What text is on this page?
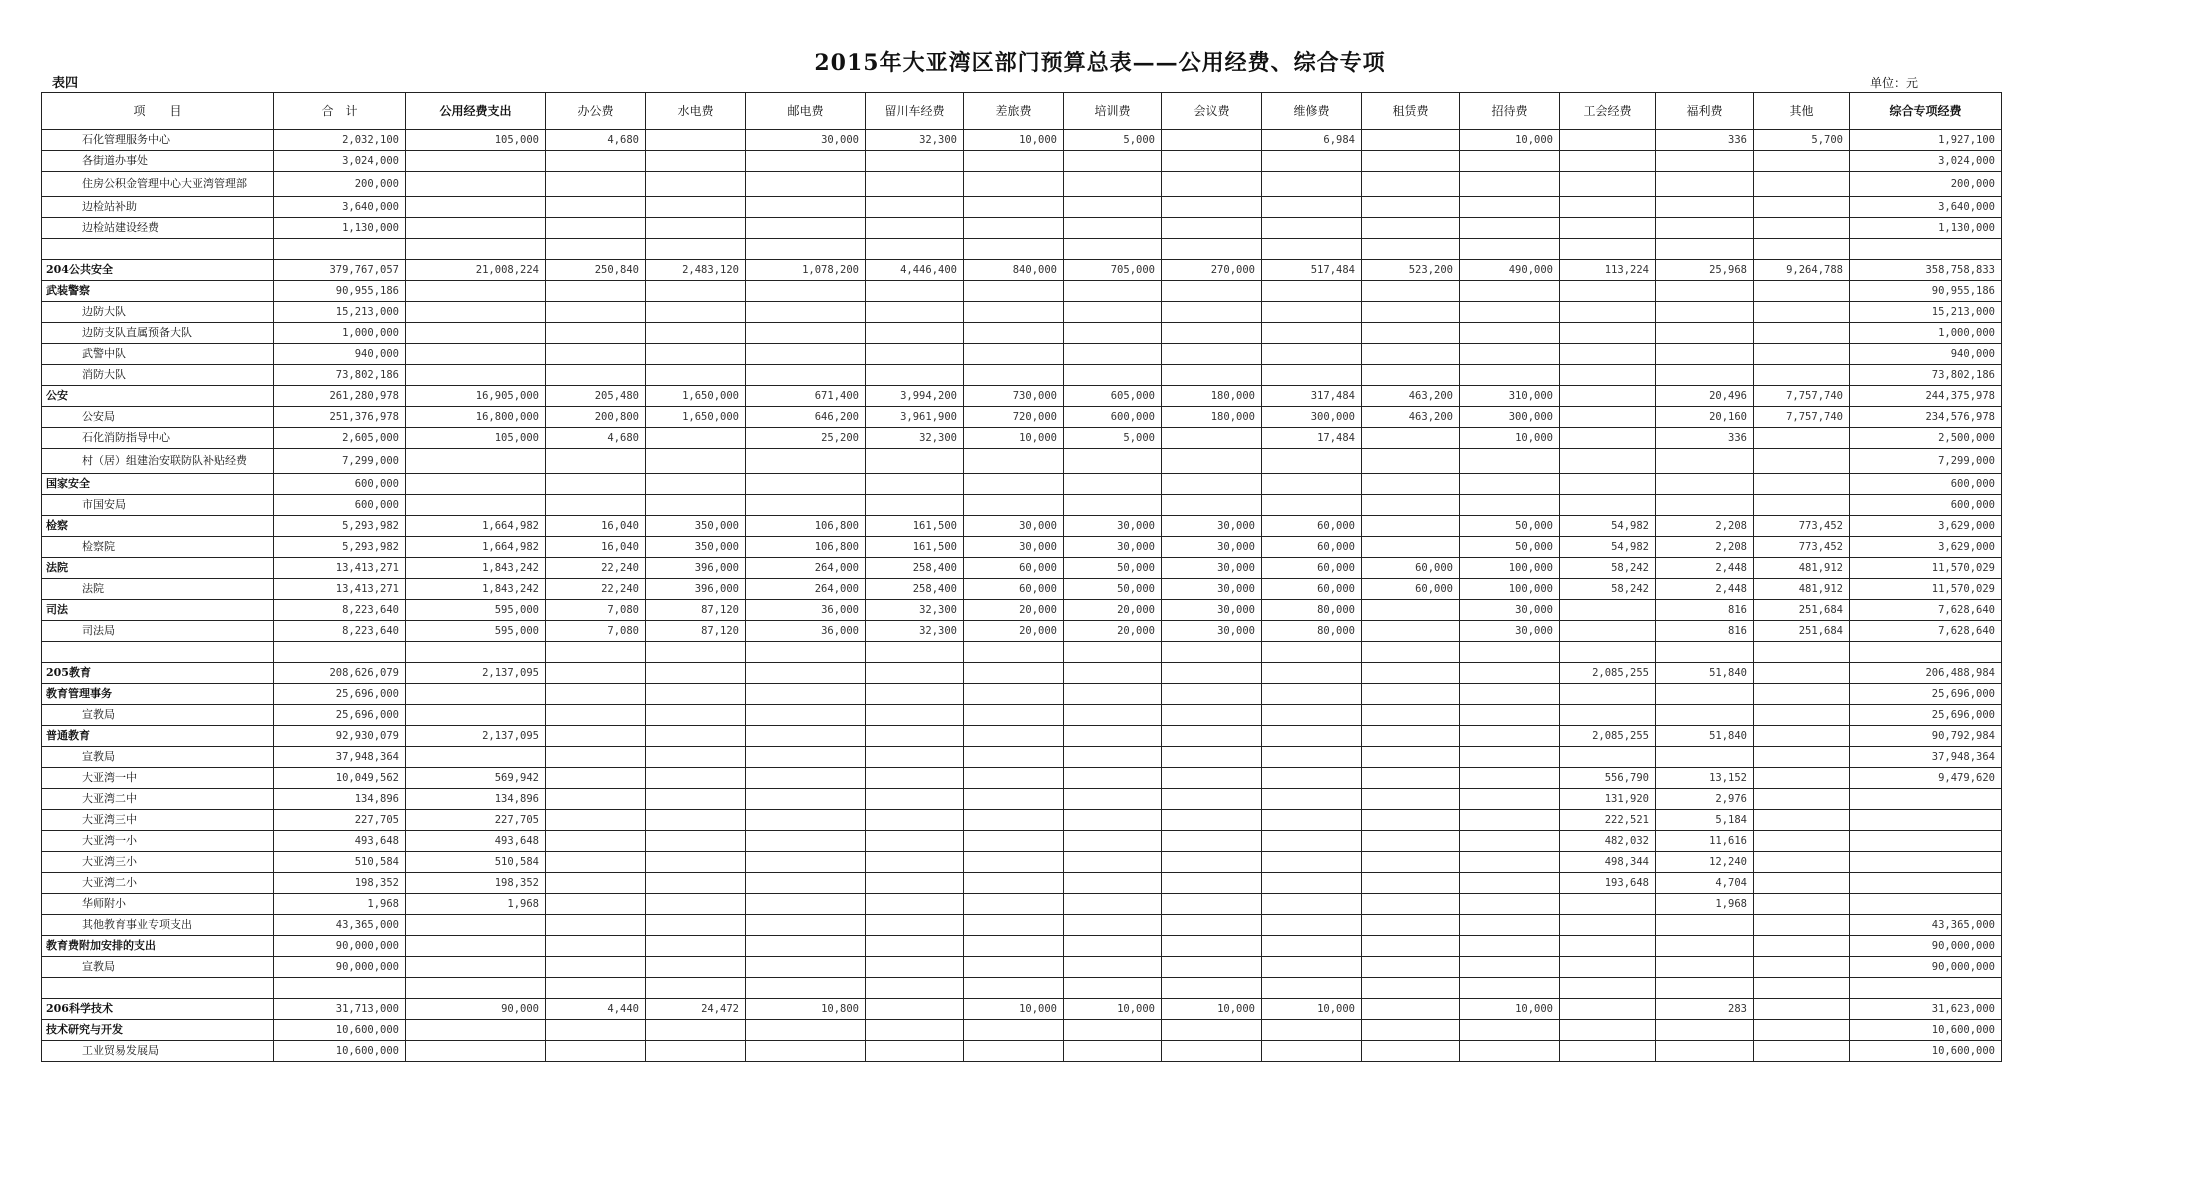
2015年大亚湾区部门预算总表——公用经费、综合专项
表四	单位：元
项　　目	合　计	公用经费支出	办公费	水电费	邮电费	留川车经费	差旅费	培训费	会议费	维修费	租赁费	招待费	工会经费	福利费	其他	综合专项经费
石化管理服务中心	2,032,100	105,000	4,680		30,000	32,300	10,000	5,000		6,984		10,000		336	5,700	1,927,100
各街道办事处	3,024,000															3,024,000
住房公积金管理中心大亚湾管理部	200,000															200,000
边检站补助	3,640,000															3,640,000
边检站建设经费	1,130,000															1,130,000

204公共安全	379,767,057	21,008,224	250,840	2,483,120	1,078,200	4,446,400	840,000	705,000	270,000	517,484	523,200	490,000	113,224	25,968	9,264,788	358,758,833
武装警察	90,955,186															90,955,186
边防大队	15,213,000															15,213,000
边防支队直属预备大队	1,000,000															1,000,000
武警中队	940,000															940,000
消防大队	73,802,186															73,802,186
公安	261,280,978	16,905,000	205,480	1,650,000	671,400	3,994,200	730,000	605,000	180,000	317,484	463,200	310,000		20,496	7,757,740	244,375,978
公安局	251,376,978	16,800,000	200,800	1,650,000	646,200	3,961,900	720,000	600,000	180,000	300,000	463,200	300,000		20,160	7,757,740	234,576,978
石化消防指导中心	2,605,000	105,000	4,680		25,200	32,300	10,000	5,000		17,484		10,000		336		2,500,000
村（居）组建治安联防队补贴经费	7,299,000															7,299,000
国家安全	600,000															600,000
市国安局	600,000															600,000
检察	5,293,982	1,664,982	16,040	350,000	106,800	161,500	30,000	30,000	30,000	60,000		50,000	54,982	2,208	773,452	3,629,000
检察院	5,293,982	1,664,982	16,040	350,000	106,800	161,500	30,000	30,000	30,000	60,000		50,000	54,982	2,208	773,452	3,629,000
法院	13,413,271	1,843,242	22,240	396,000	264,000	258,400	60,000	50,000	30,000	60,000	60,000	100,000	58,242	2,448	481,912	11,570,029
法院	13,413,271	1,843,242	22,240	396,000	264,000	258,400	60,000	50,000	30,000	60,000	60,000	100,000	58,242	2,448	481,912	11,570,029
司法	8,223,640	595,000	7,080	87,120	36,000	32,300	20,000	20,000	30,000	80,000		30,000		816	251,684	7,628,640
司法局	8,223,640	595,000	7,080	87,120	36,000	32,300	20,000	20,000	30,000	80,000		30,000		816	251,684	7,628,640

205教育	208,626,079	2,137,095											2,085,255	51,840		206,488,984
教育管理事务	25,696,000															25,696,000
宣教局	25,696,000															25,696,000
普通教育	92,930,079	2,137,095											2,085,255	51,840		90,792,984
宣教局	37,948,364															37,948,364
大亚湾一中	10,049,562	569,942											556,790	13,152		9,479,620
大亚湾二中	134,896	134,896											131,920	2,976		
大亚湾三中	227,705	227,705											222,521	5,184		
大亚湾一小	493,648	493,648											482,032	11,616		
大亚湾三小	510,584	510,584											498,344	12,240		
大亚湾二小	198,352	198,352											193,648	4,704		
华师附小	1,968	1,968												1,968		
其他教育事业专项支出	43,365,000															43,365,000
教育费附加安排的支出	90,000,000															90,000,000
宣教局	90,000,000															90,000,000

206科学技术	31,713,000	90,000	4,440	24,472	10,800		10,000	10,000	10,000	10,000		10,000		283		31,623,000
技术研究与开发	10,600,000															10,600,000
工业贸易发展局	10,600,000															10,600,000
